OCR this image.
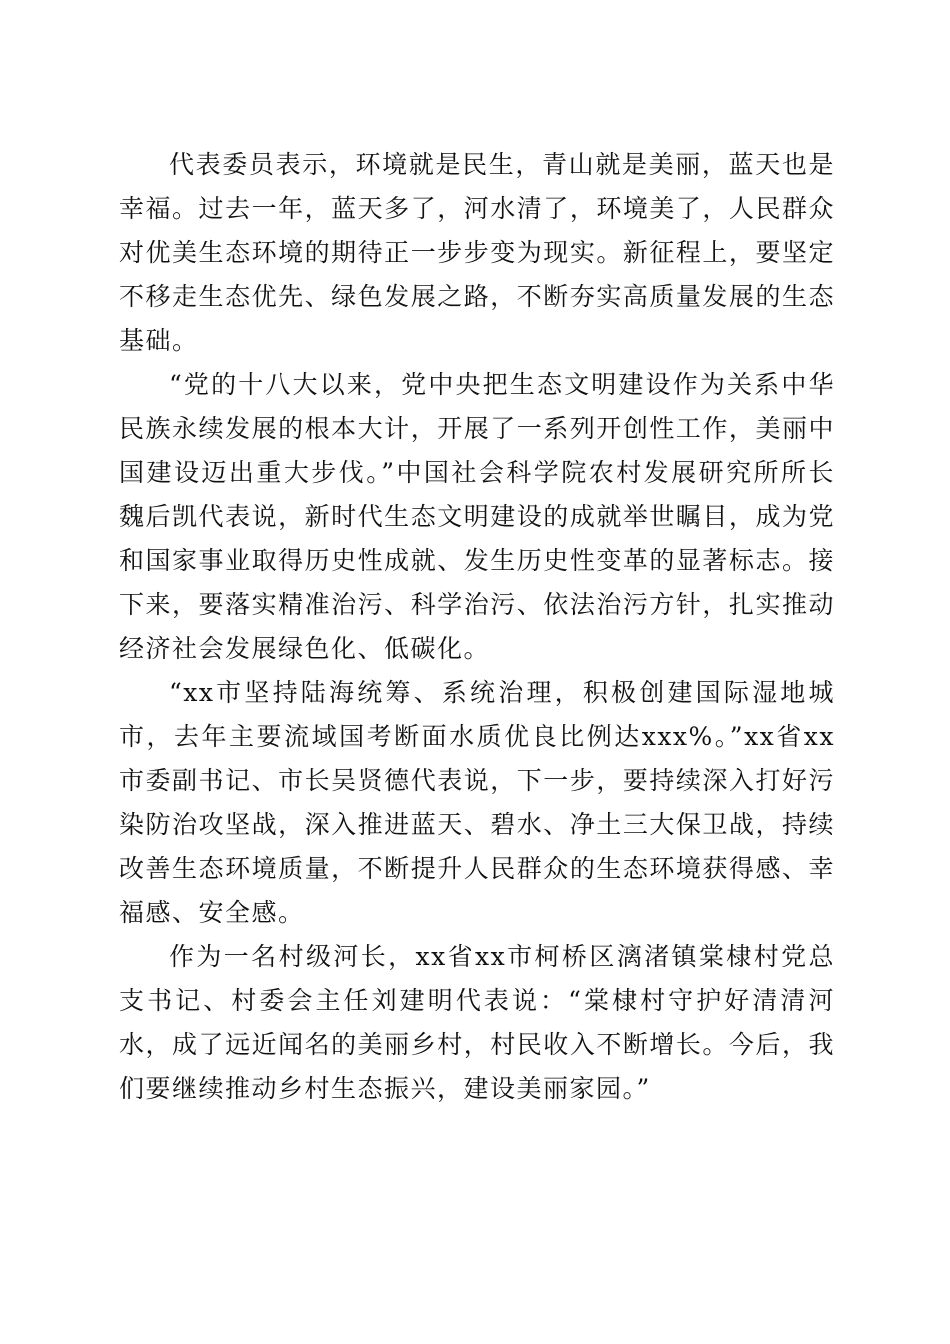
代表委员表示，环境就是民生，青山就是美丽，蓝天也是幸福。过去一年，蓝天多了，河水清了，环境美了，人民群众对优美生态环境的期待正一步步变为现实。新征程上，要坚定不移走生态优先、绿色发展之路，不断夯实高质量发展的生态基础。

“党的十八大以来，党中央把生态文明建设作为关系中华民族永续发展的根本大计，开展了一系列开创性工作，美丽中国建设迈出重大步伐。”中国社会科学院农村发展研究所所长魏后凯代表说，新时代生态文明建设的成就举世瞩目，成为党和国家事业取得历史性成就、发生历史性变革的显著标志。接下来，要落实精准治污、科学治污、依法治污方针，扎实推动经济社会发展绿色化、低碳化。

“xx市坚持陆海统筹、系统治理，积极创建国际湿地城市，去年主要流域国考断面水质优良比例达xxx%。”xx省xx市委副书记、市长吴贤德代表说，下一步，要持续深入打好污染防治攻坚战，深入推进蓝天、碧水、净土三大保卫战，持续改善生态环境质量，不断提升人民群众的生态环境获得感、幸福感、安全感。

作为一名村级河长，xx省xx市柯桥区漓渚镇棠棣村党总支书记、村委会主任刘建明代表说：“棠棣村守护好清清河水，成了远近闻名的美丽乡村，村民收入不断增长。今后，我们要继续推动乡村生态振兴，建设美丽家园。”
